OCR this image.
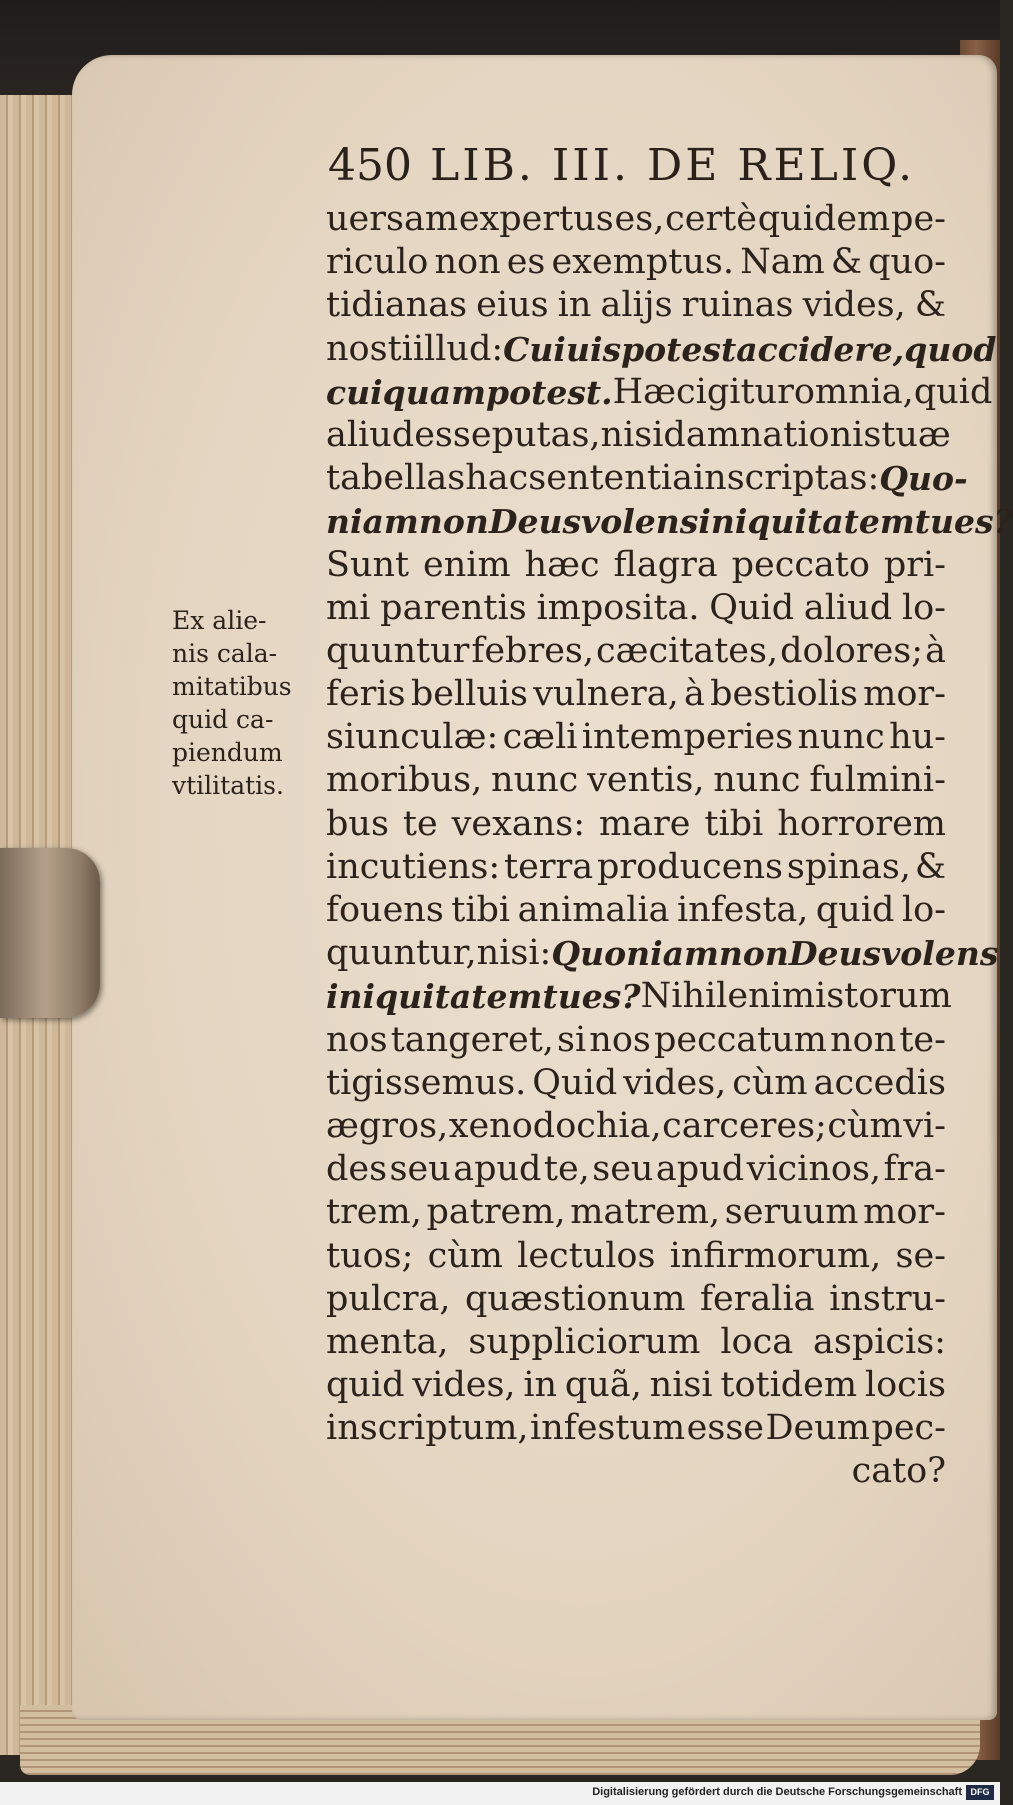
450 LIB. III. DE RELIQ.
uersam expertus es, certè quidem pe-
riculo non es exemptus. Nam & quo-
tidianas eius in alijs ruinas vides, &
nosti illud: Cuiuis potest accidere, quod
cuiquam potest. Hæc igitur omnia, quid
aliud esse putas, nisi damnationis tuæ
tabellas hac sententia inscriptas: Quo-
niam non Deus volens iniquitatem tu es?
Sunt enim hæc flagra peccato pri-
mi parentis imposita. Quid aliud lo-
quuntur febres, cæcitates, dolores; à
feris belluis vulnera, à bestiolis mor-
siunculæ: cæli intemperies nunc hu-
moribus, nunc ventis, nunc fulmini-
bus te vexans: mare tibi horrorem
incutiens: terra producens spinas, &
fouens tibi animalia infesta, quid lo-
quuntur, nisi: Quoniam non Deus volens
iniquitatem tu es? Nihil enim istorum
nos tangeret, si nos peccatum non te-
tigissemus. Quid vides, cùm accedis
ægros, xenodochia, carceres; cùm vi-
des seu apud te, seu apud vicinos, fra-
trem, patrem, matrem, seruum mor-
tuos; cùm lectulos infirmorum, se-
pulcra, quæstionum feralia instru-
menta, suppliciorum loca aspicis:
quid vides, in quã, nisi totidem locis
inscriptum, infestum esse Deum pec-
cato?
Ex alie-
nis cala-
mitatibus
quid ca-
piendum
vtilitatis.
Digitalisierung gefördert durch die Deutsche Forschungsgemeinschaft DFG
